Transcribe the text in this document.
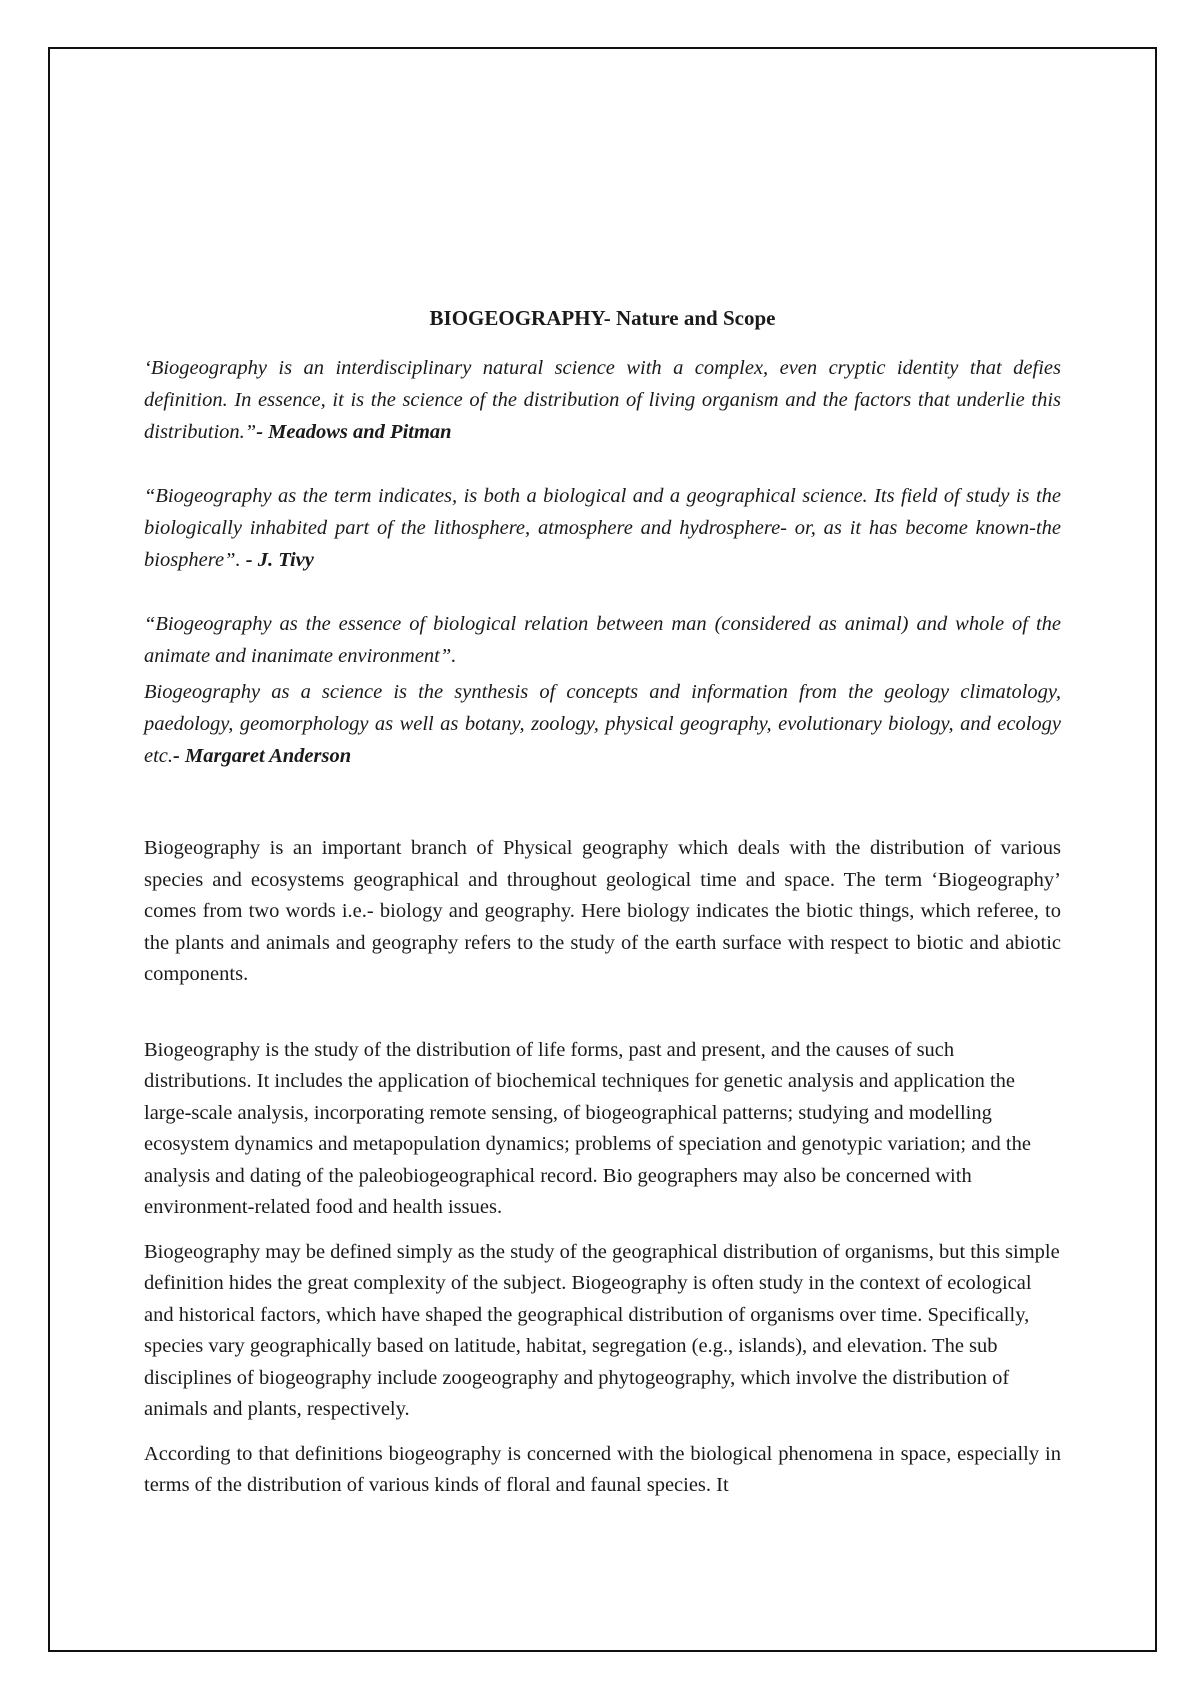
BIOGEOGRAPHY- Nature and Scope

‘Biogeography is an interdisciplinary natural science with a complex, even cryptic identity that defies definition. In essence, it is the science of the distribution of living organism and the factors that underlie this distribution.”- Meadows and Pitman

“Biogeography as the term indicates, is both a biological and a geographical science. Its field of study is the biologically inhabited part of the lithosphere, atmosphere and hydrosphere- or, as it has become known-the biosphere”. - J. Tivy

“Biogeography as the essence of biological relation between man (considered as animal) and whole of the animate and inanimate environment”.

Biogeography as a science is the synthesis of concepts and information from the geology climatology, paedology, geomorphology as well as botany, zoology, physical geography, evolutionary biology, and ecology etc.- Margaret Anderson

Biogeography is an important branch of Physical geography which deals with the distribution of various species and ecosystems geographical and throughout geological time and space. The term ‘Biogeography’ comes from two words i.e.- biology and geography. Here biology indicates the biotic things, which referee, to the plants and animals and geography refers to the study of the earth surface with respect to biotic and abiotic components.

Biogeography is the study of the distribution of life forms, past and present, and the causes of such distributions. It includes the application of biochemical techniques for genetic analysis and application the large-scale analysis, incorporating remote sensing, of biogeographical patterns; studying and modelling ecosystem dynamics and metapopulation dynamics; problems of speciation and genotypic variation; and the analysis and dating of the paleobiogeographical record. Bio geographers may also be concerned with environment-related food and health issues.

Biogeography may be defined simply as the study of the geographical distribution of organisms, but this simple definition hides the great complexity of the subject. Biogeography is often study in the context of ecological and historical factors, which have shaped the geographical distribution of organisms over time. Specifically, species vary geographically based on latitude, habitat, segregation (e.g., islands), and elevation. The sub disciplines of biogeography include zoogeography and phytogeography, which involve the distribution of animals and plants, respectively.

According to that definitions biogeography is concerned with the biological phenomena in space, especially in terms of the distribution of various kinds of floral and faunal species. It
